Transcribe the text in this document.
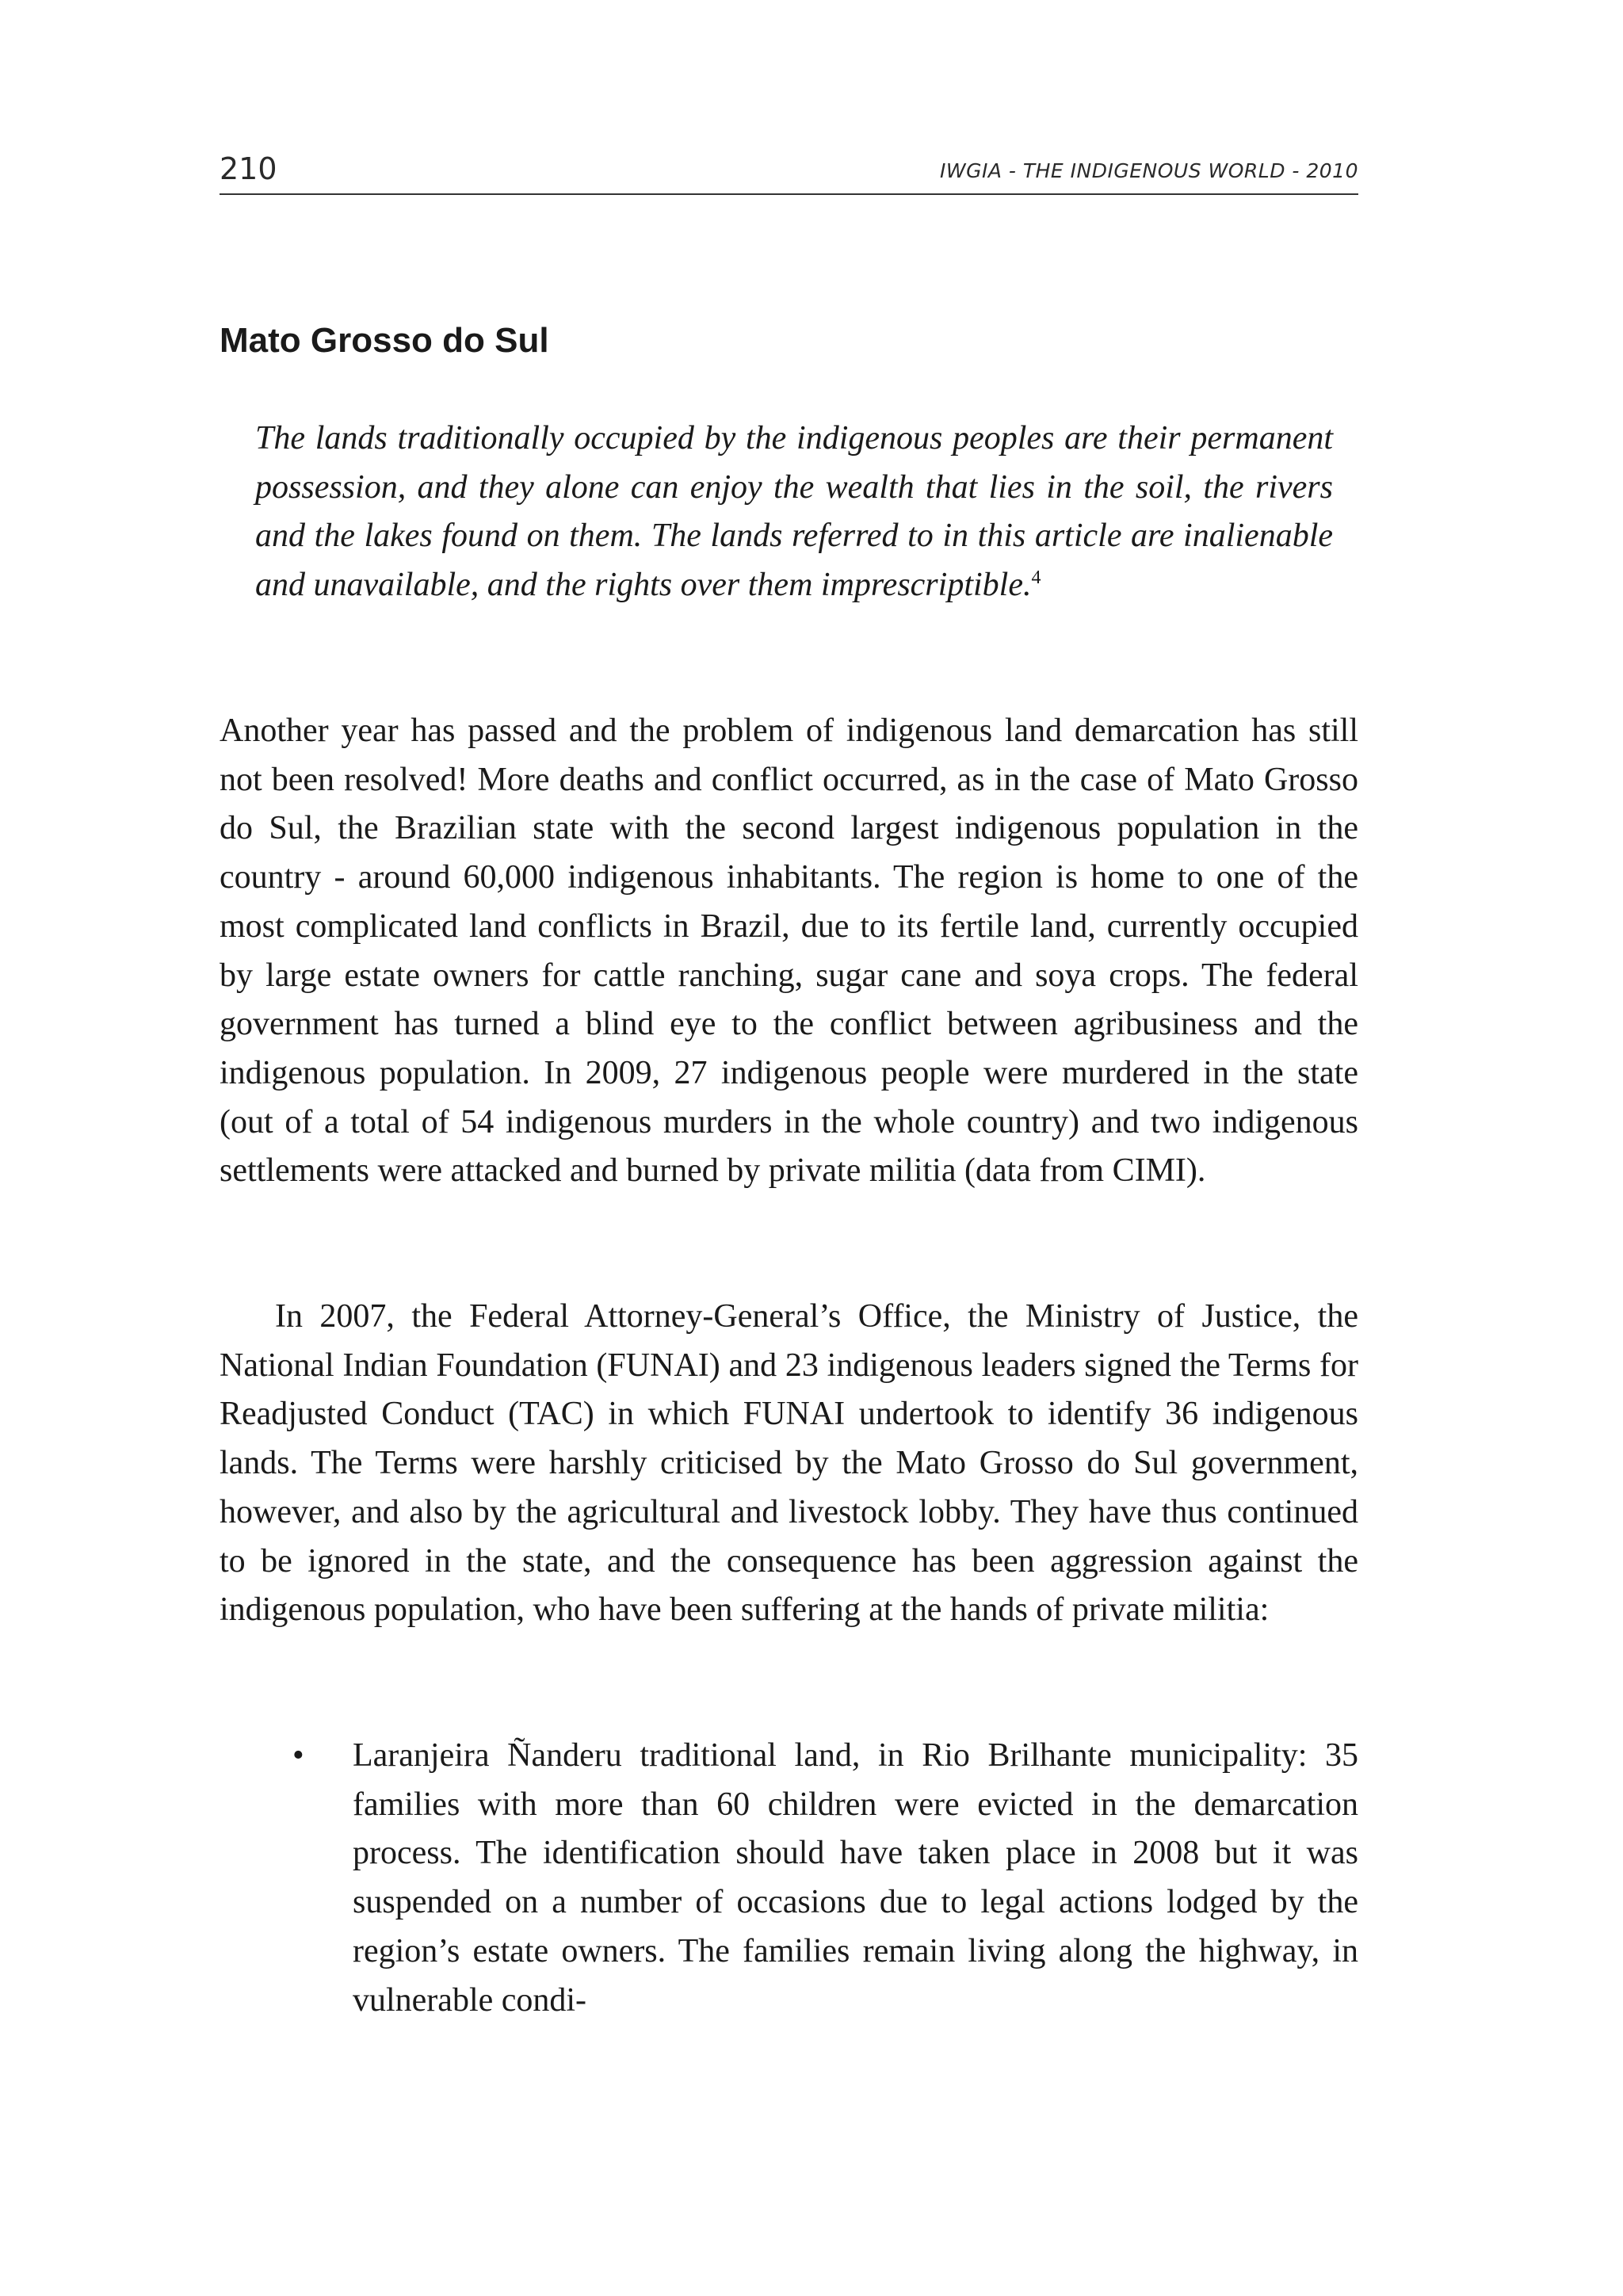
210	IWGIA - THE INDIGENOUS WORLD - 2010
Mato Grosso do Sul

The lands traditionally occupied by the indigenous peoples are their permanent possession, and they alone can enjoy the wealth that lies in the soil, the rivers and the lakes found on them. The lands referred to in this article are inalienable and unavailable, and the rights over them imprescriptible.$^4$

Another year has passed and the problem of indigenous land demarcation has still not been resolved! More deaths and conflict occurred, as in the case of Mato Grosso do Sul, the Brazilian state with the second largest indigenous population in the country - around 60,000 indigenous inhabitants. The region is home to one of the most complicated land conflicts in Brazil, due to its fertile land, currently occupied by large estate owners for cattle ranching, sugar cane and soya crops. The federal government has turned a blind eye to the conflict between agribusiness and the indigenous population. In 2009, 27 indigenous people were murdered in the state (out of a total of 54 indigenous murders in the whole country) and two indigenous settlements were attacked and burned by private militia (data from CIMI).

In 2007, the Federal Attorney-General’s Office, the Ministry of Justice, the National Indian Foundation (FUNAI) and 23 indigenous leaders signed the Terms for Readjusted Conduct (TAC) in which FUNAI undertook to identify 36 indigenous lands. The Terms were harshly criticised by the Mato Grosso do Sul government, however, and also by the agricultural and livestock lobby. They have thus continued to be ignored in the state, and the consequence has been aggression against the indigenous population, who have been suffering at the hands of private militia:

• Laranjeira Ñanderu traditional land, in Rio Brilhante municipality: 35 families with more than 60 children were evicted in the demarcation process. The identification should have taken place in 2008 but it was suspended on a number of occasions due to legal actions lodged by the region’s estate owners. The families remain living along the highway, in vulnerable condi-
